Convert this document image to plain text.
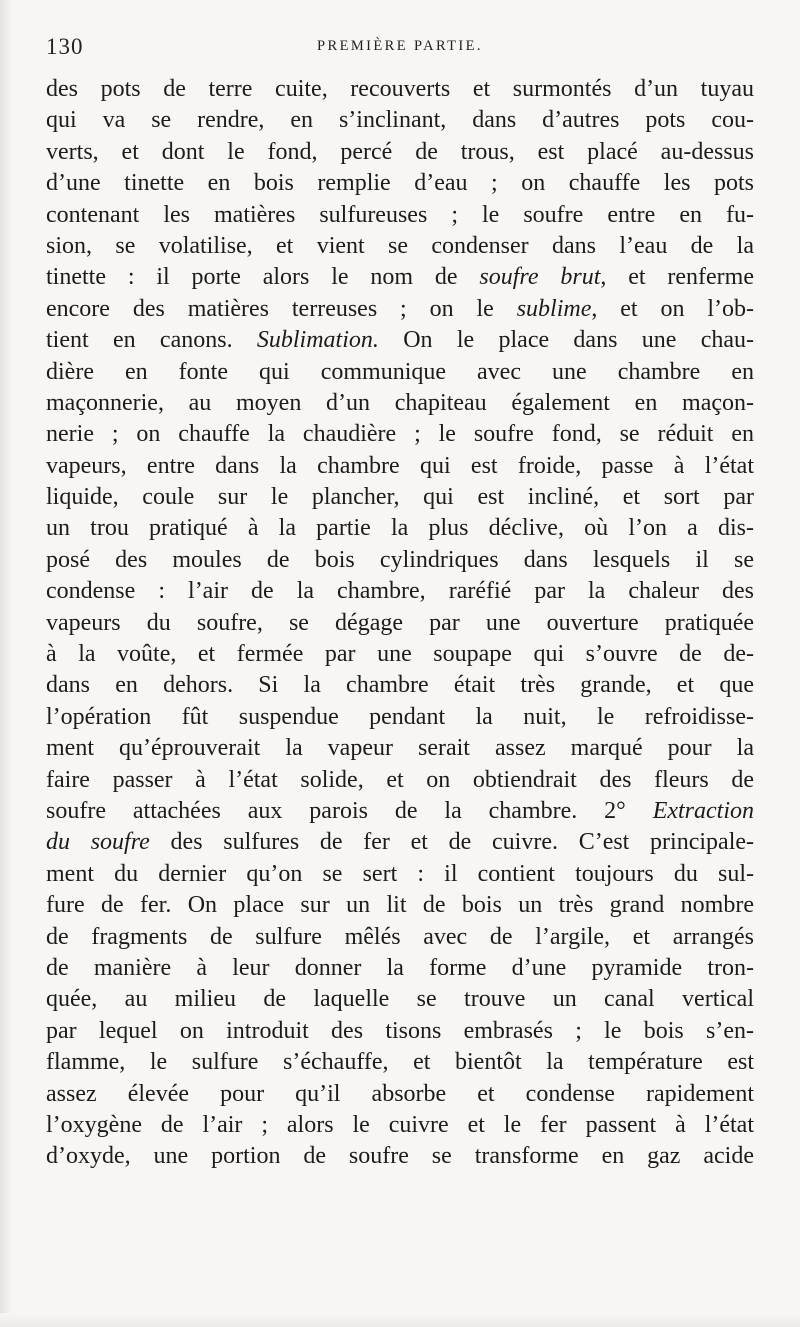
130	PREMIÈRE PARTIE.
des pots de terre cuite, recouverts et surmontés d’un tuyau
qui va se rendre, en s’inclinant, dans d’autres pots cou-
verts, et dont le fond, percé de trous, est placé au-dessus
d’une tinette en bois remplie d’eau ; on chauffe les pots
contenant les matières sulfureuses ; le soufre entre en fu-
sion, se volatilise, et vient se condenser dans l’eau de la
tinette : il porte alors le nom de soufre brut, et renferme
encore des matières terreuses ; on le sublime, et on l’ob-
tient en canons. Sublimation. On le place dans une chau-
dière en fonte qui communique avec une chambre en
maçonnerie, au moyen d’un chapiteau également en maçon-
nerie ; on chauffe la chaudière ; le soufre fond, se réduit en
vapeurs, entre dans la chambre qui est froide, passe à l’état
liquide, coule sur le plancher, qui est incliné, et sort par
un trou pratiqué à la partie la plus déclive, où l’on a dis-
posé des moules de bois cylindriques dans lesquels il se
condense : l’air de la chambre, raréfié par la chaleur des
vapeurs du soufre, se dégage par une ouverture pratiquée
à la voûte, et fermée par une soupape qui s’ouvre de de-
dans en dehors. Si la chambre était très grande, et que
l’opération fût suspendue pendant la nuit, le refroidisse-
ment qu’éprouverait la vapeur serait assez marqué pour la
faire passer à l’état solide, et on obtiendrait des fleurs de
soufre attachées aux parois de la chambre. 2° Extraction
du soufre des sulfures de fer et de cuivre. C’est principale-
ment du dernier qu’on se sert : il contient toujours du sul-
fure de fer. On place sur un lit de bois un très grand nombre
de fragments de sulfure mêlés avec de l’argile, et arrangés
de manière à leur donner la forme d’une pyramide tron-
quée, au milieu de laquelle se trouve un canal vertical
par lequel on introduit des tisons embrasés ; le bois s’en-
flamme, le sulfure s’échauffe, et bientôt la température est
assez élevée pour qu’il absorbe et condense rapidement
l’oxygène de l’air ; alors le cuivre et le fer passent à l’état
d’oxyde, une portion de soufre se transforme en gaz acide
